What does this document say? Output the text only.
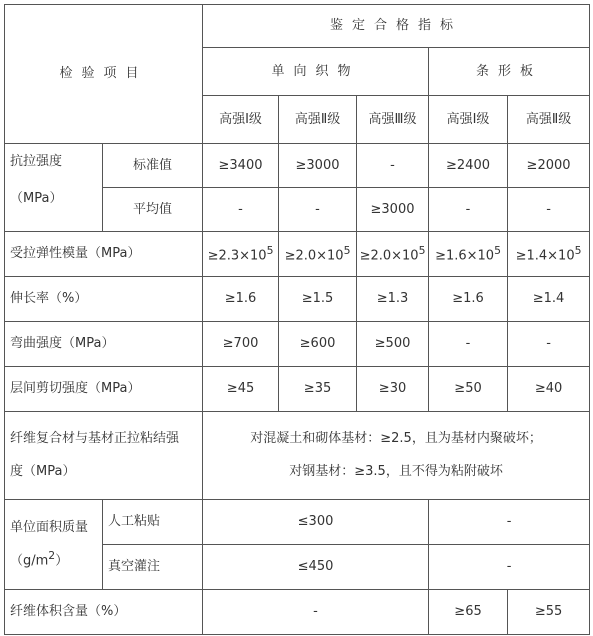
检验项目		鉴定合格指标				
		单向织物			条形板	
		高强Ⅰ级	高强Ⅱ级	高强Ⅲ级	高强Ⅰ级	高强Ⅱ级

抗拉强度
（MPa）	标准值	≥3400	≥3000	-	≥2400	≥2000
	平均值	-	-	≥3000	-	-
受拉弹性模量（MPa）		$\ge 2.3\times 10^5$	$\ge 2.0\times 10^5$	$\ge 2.0\times 10^5$	$\ge 1.6\times 10^5$	$\ge 1.4\times 10^5$
伸长率（%）		≥1.6	≥1.5	≥1.3	≥1.6	≥1.4
弯曲强度（MPa）		≥700	≥600	≥500	-	-
层间剪切强度（MPa）		≥45	≥35	≥30	≥50	≥40

纤维复合材与基材正拉粘结强
度（MPa）		对混凝土和砌体基材：≥2.5，且为基材内聚破坏；
对钢基材：≥3.5，且不得为粘附破坏				

单位面积质量
$(g/m^2)$	人工粘贴	≤300			-	
	真空灌注	≤450			-	
纤维体积含量（%）		-			≥65	≥55
